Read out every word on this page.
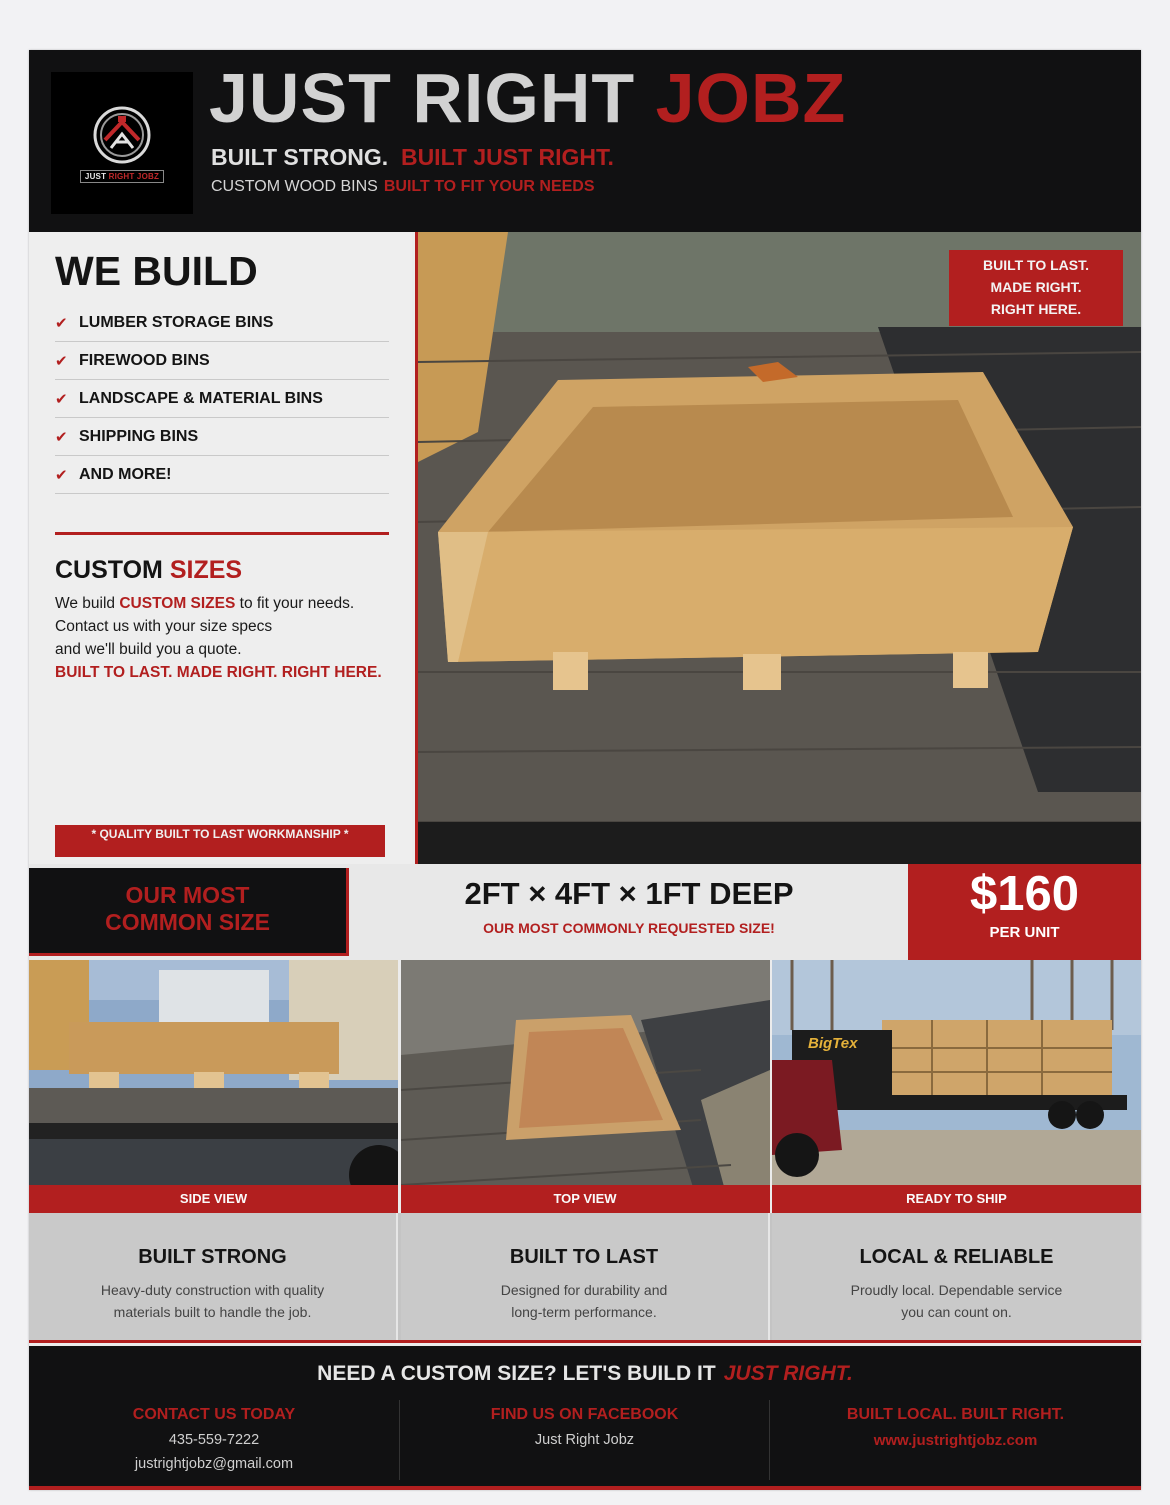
JUST RIGHT JOBZ
JUST RIGHT JOBZ
BUILT STRONG. BUILT JUST RIGHT.
CUSTOM WOOD BINS BUILT TO FIT YOUR NEEDS
WE BUILD
✔ LUMBER STORAGE BINS
✔ FIREWOOD BINS
✔ LANDSCAPE & MATERIAL BINS
✔ SHIPPING BINS
✔ AND MORE!
CUSTOM SIZES
We build CUSTOM SIZES to fit your needs.
Contact us with your size specs
and we'll build you a quote.
BUILT TO LAST. MADE RIGHT. RIGHT HERE.
* QUALITY BUILT TO LAST WORKMANSHIP *
BUILT TO LAST.
MADE RIGHT.
RIGHT HERE.
OUR MOST
COMMON SIZE
2FT × 4FT × 1FT DEEP
OUR MOST COMMONLY REQUESTED SIZE!
$160
PER UNIT
SIDE VIEW	TOP VIEW
BigTex
READY TO SHIP
BUILT STRONG
Heavy-duty construction with quality
materials built to handle the job.
BUILT TO LAST
Designed for durability and
long-term performance.
LOCAL & RELIABLE
Proudly local. Dependable service
you can count on.
NEED A CUSTOM SIZE? LET'S BUILD IT JUST RIGHT.
CONTACT US TODAY
435-559-7222
justrightjobz@gmail.com
FIND US ON FACEBOOK
Just Right Jobz
BUILT LOCAL. BUILT RIGHT.
www.justrightjobz.com
